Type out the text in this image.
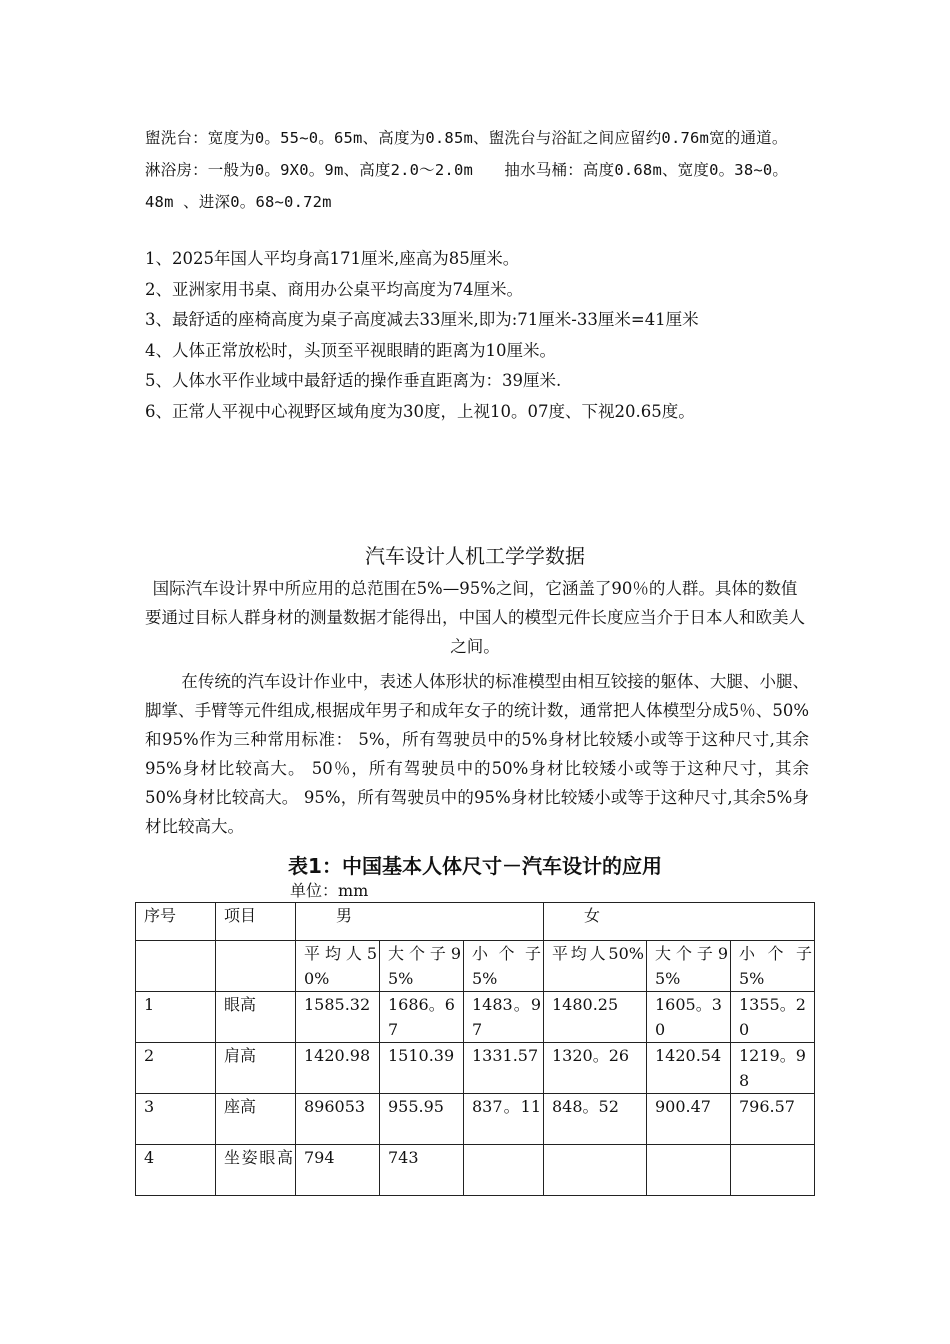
盥洗台：宽度为0。55~0。65m、高度为0.85m、盥洗台与浴缸之间应留约0.76m宽的通道。　　淋浴房：一般为0。9X0。9m、高度2.0～2.0m　　抽水马桶：高度0.68m、宽度0。38~0。48m 、进深0。68~0.72m

1、2025年国人平均身高171厘米,座高为85厘米。
2、亚洲家用书桌、商用办公桌平均高度为74厘米。
3、最舒适的座椅高度为桌子高度减去33厘米,即为:71厘米-33厘米=41厘米
4、人体正常放松时，头顶至平视眼睛的距离为10厘米。
5、人体水平作业域中最舒适的操作垂直距离为：39厘米.
6、正常人平视中心视野区域角度为30度，上视10。07度、下视20.65度。
汽车设计人机工学学数据
国际汽车设计界中所应用的总范围在5%—95%之间，它涵盖了90％的人群。具体的数值要通过目标人群身材的测量数据才能得出，中国人的模型元件长度应当介于日本人和欧美人之间。

在传统的汽车设计作业中，表述人体形状的标准模型由相互铰接的躯体、大腿、小腿、脚掌、手臂等元件组成,根据成年男子和成年女子的统计数，通常把人体模型分成5％、50%和95%作为三种常用标准： 5%，所有驾驶员中的5%身材比较矮小或等于这种尺寸,其余95%身材比较高大。 50％，所有驾驶员中的50%身材比较矮小或等于这种尺寸，其余50%身材比较高大。 95%，所有驾驶员中的95%身材比较矮小或等于这种尺寸,其余5%身材比较高大。

表1：中国基本人体尺寸－汽车设计的应用
单位：mm
序号	项目	男			女		
		平均人50%	大个子95%	小个子5%	平均人50%	大个子95%	小个子5%
1	眼高	1585.32	1686。67	1483。97	1480.25	1605。30	1355。20
2	肩高	1420.98	1510.39	1331.57	1320。26	1420.54	1219。98
3	座高	896053	955.95	837。11	848。52	900.47	796.57
4	坐姿眼高	794	743				
